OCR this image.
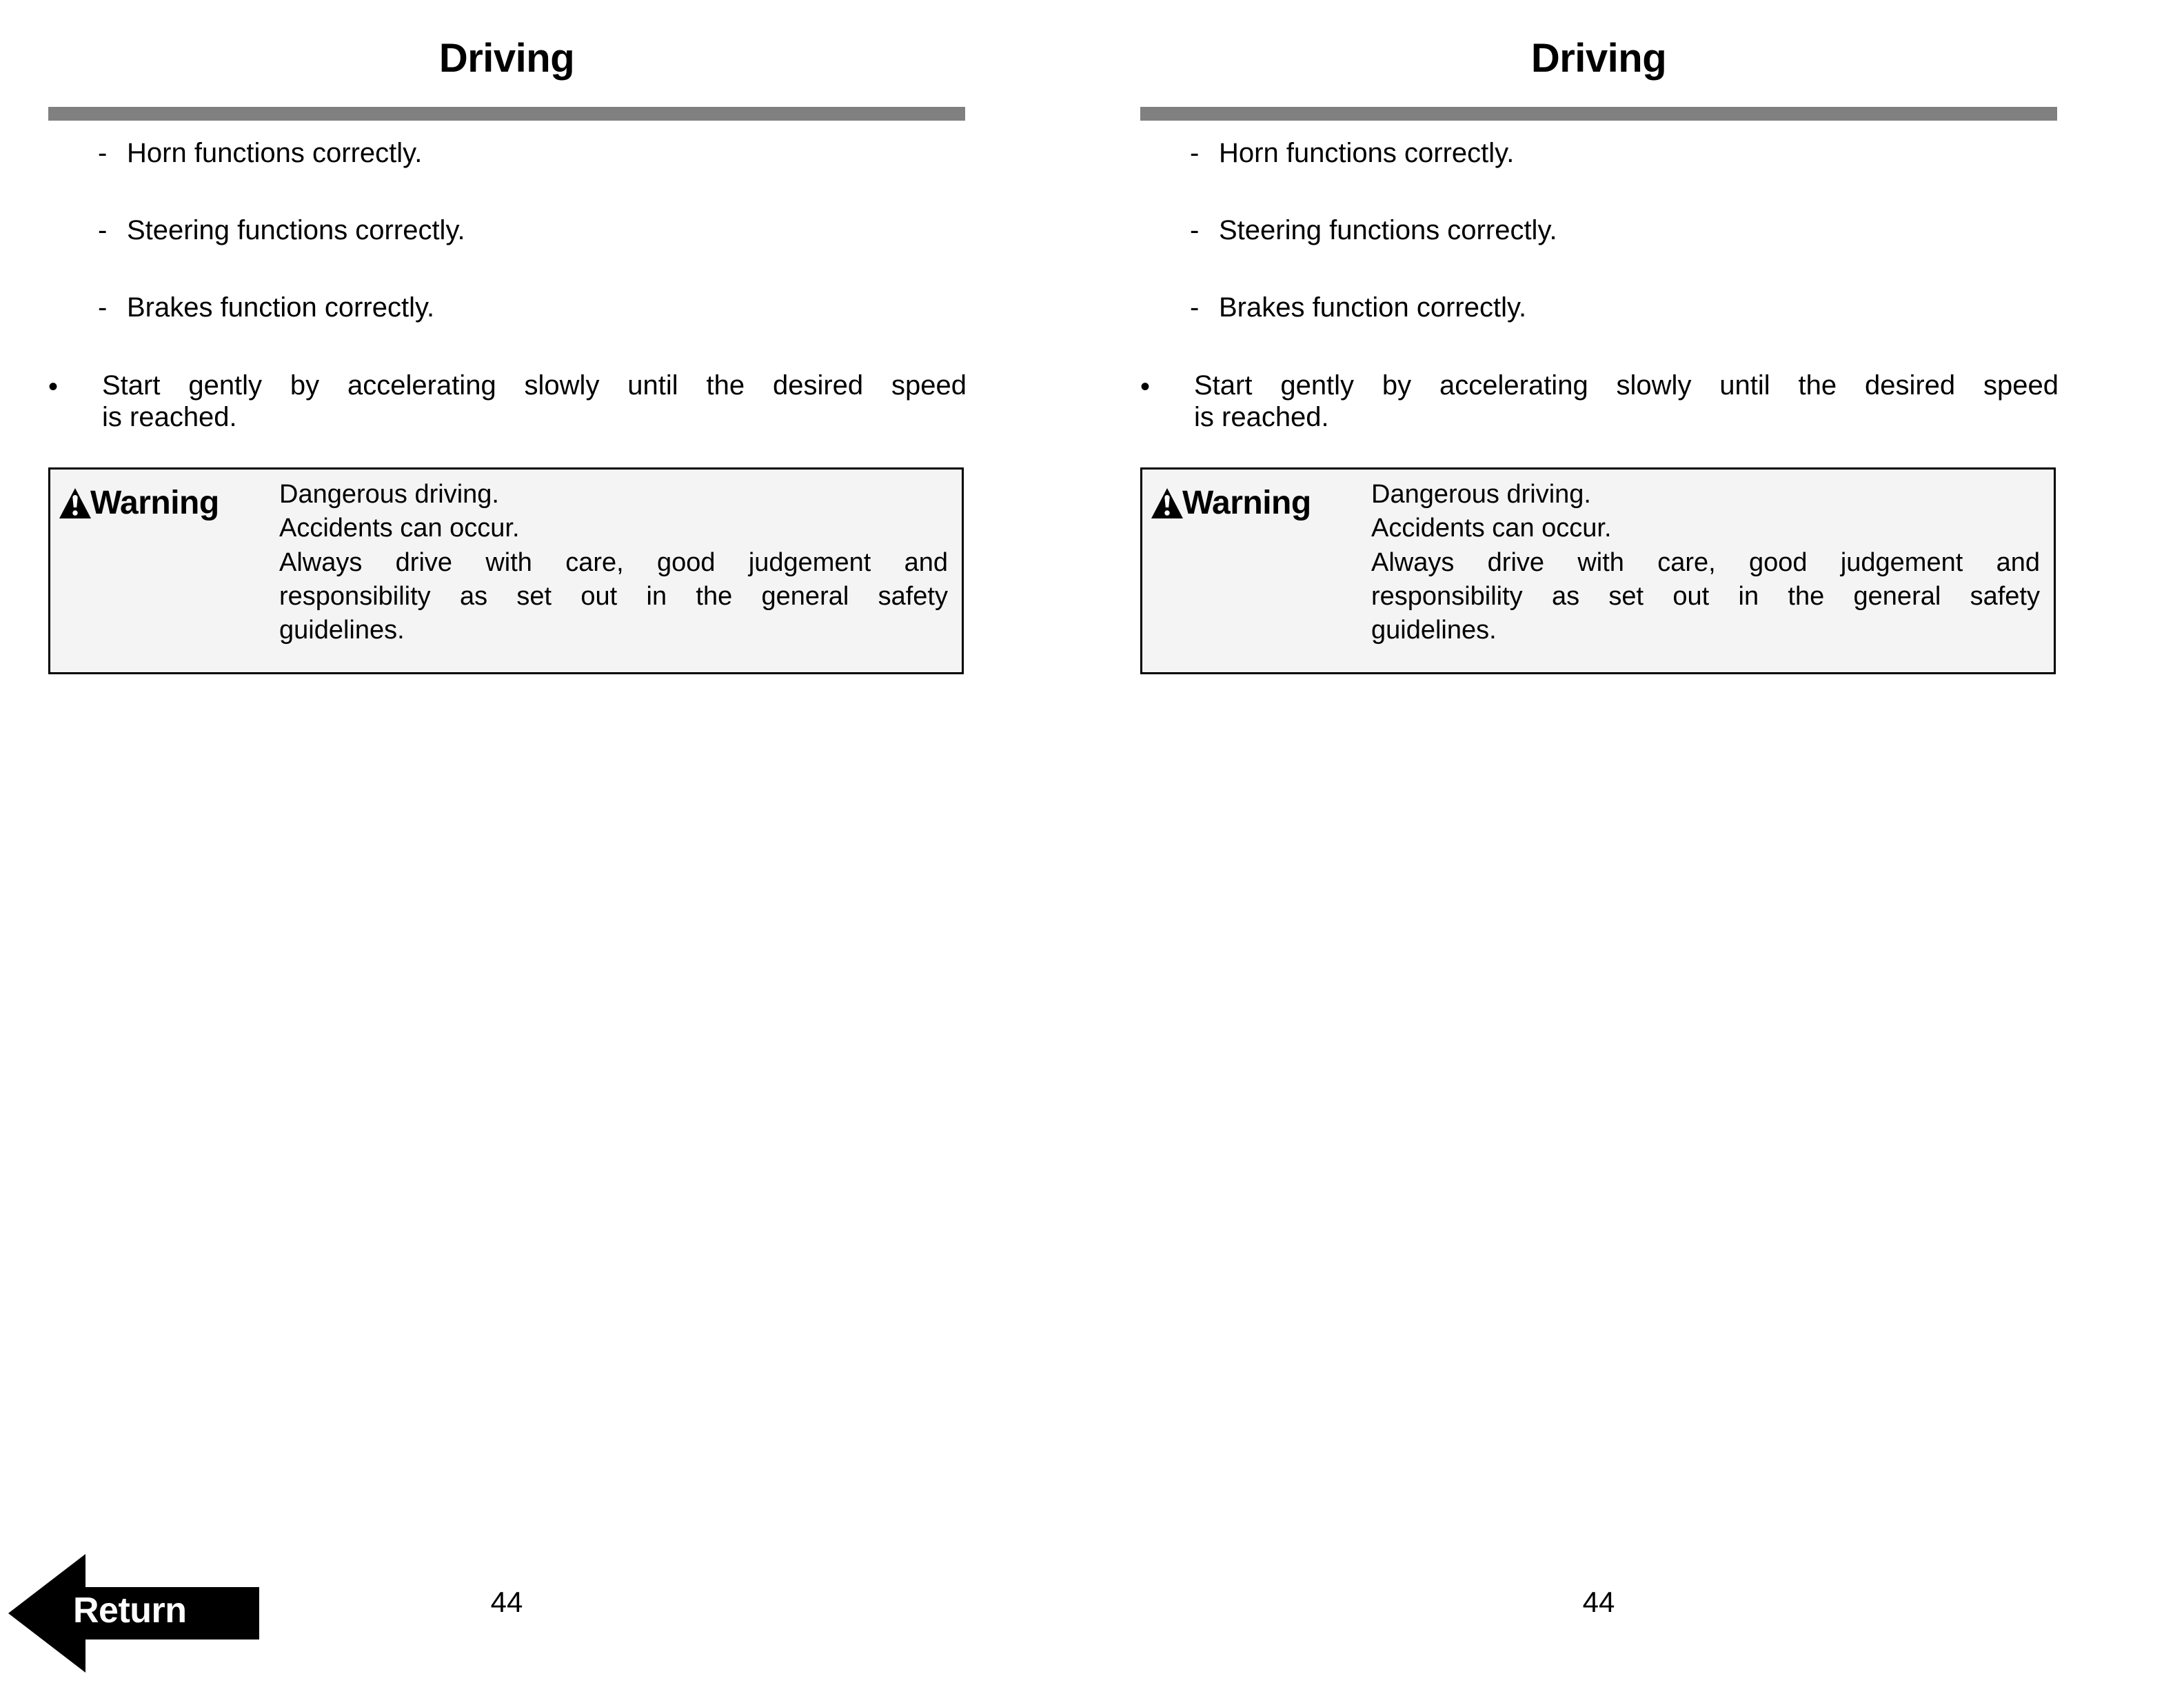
Driving
- Horn functions correctly.
- Steering functions correctly.
- Brakes function correctly.
• Start gently by accelerating slowly until the desired speed
is reached.
Warning Dangerous driving.
Accidents can occur.
Always drive with care, good judgement and
responsibility as set out in the general safety
guidelines.
44
Driving
- Horn functions correctly.
- Steering functions correctly.
- Brakes function correctly.
• Start gently by accelerating slowly until the desired speed
is reached.
Warning Dangerous driving.
Accidents can occur.
Always drive with care, good judgement and
responsibility as set out in the general safety
guidelines.
44
Return
